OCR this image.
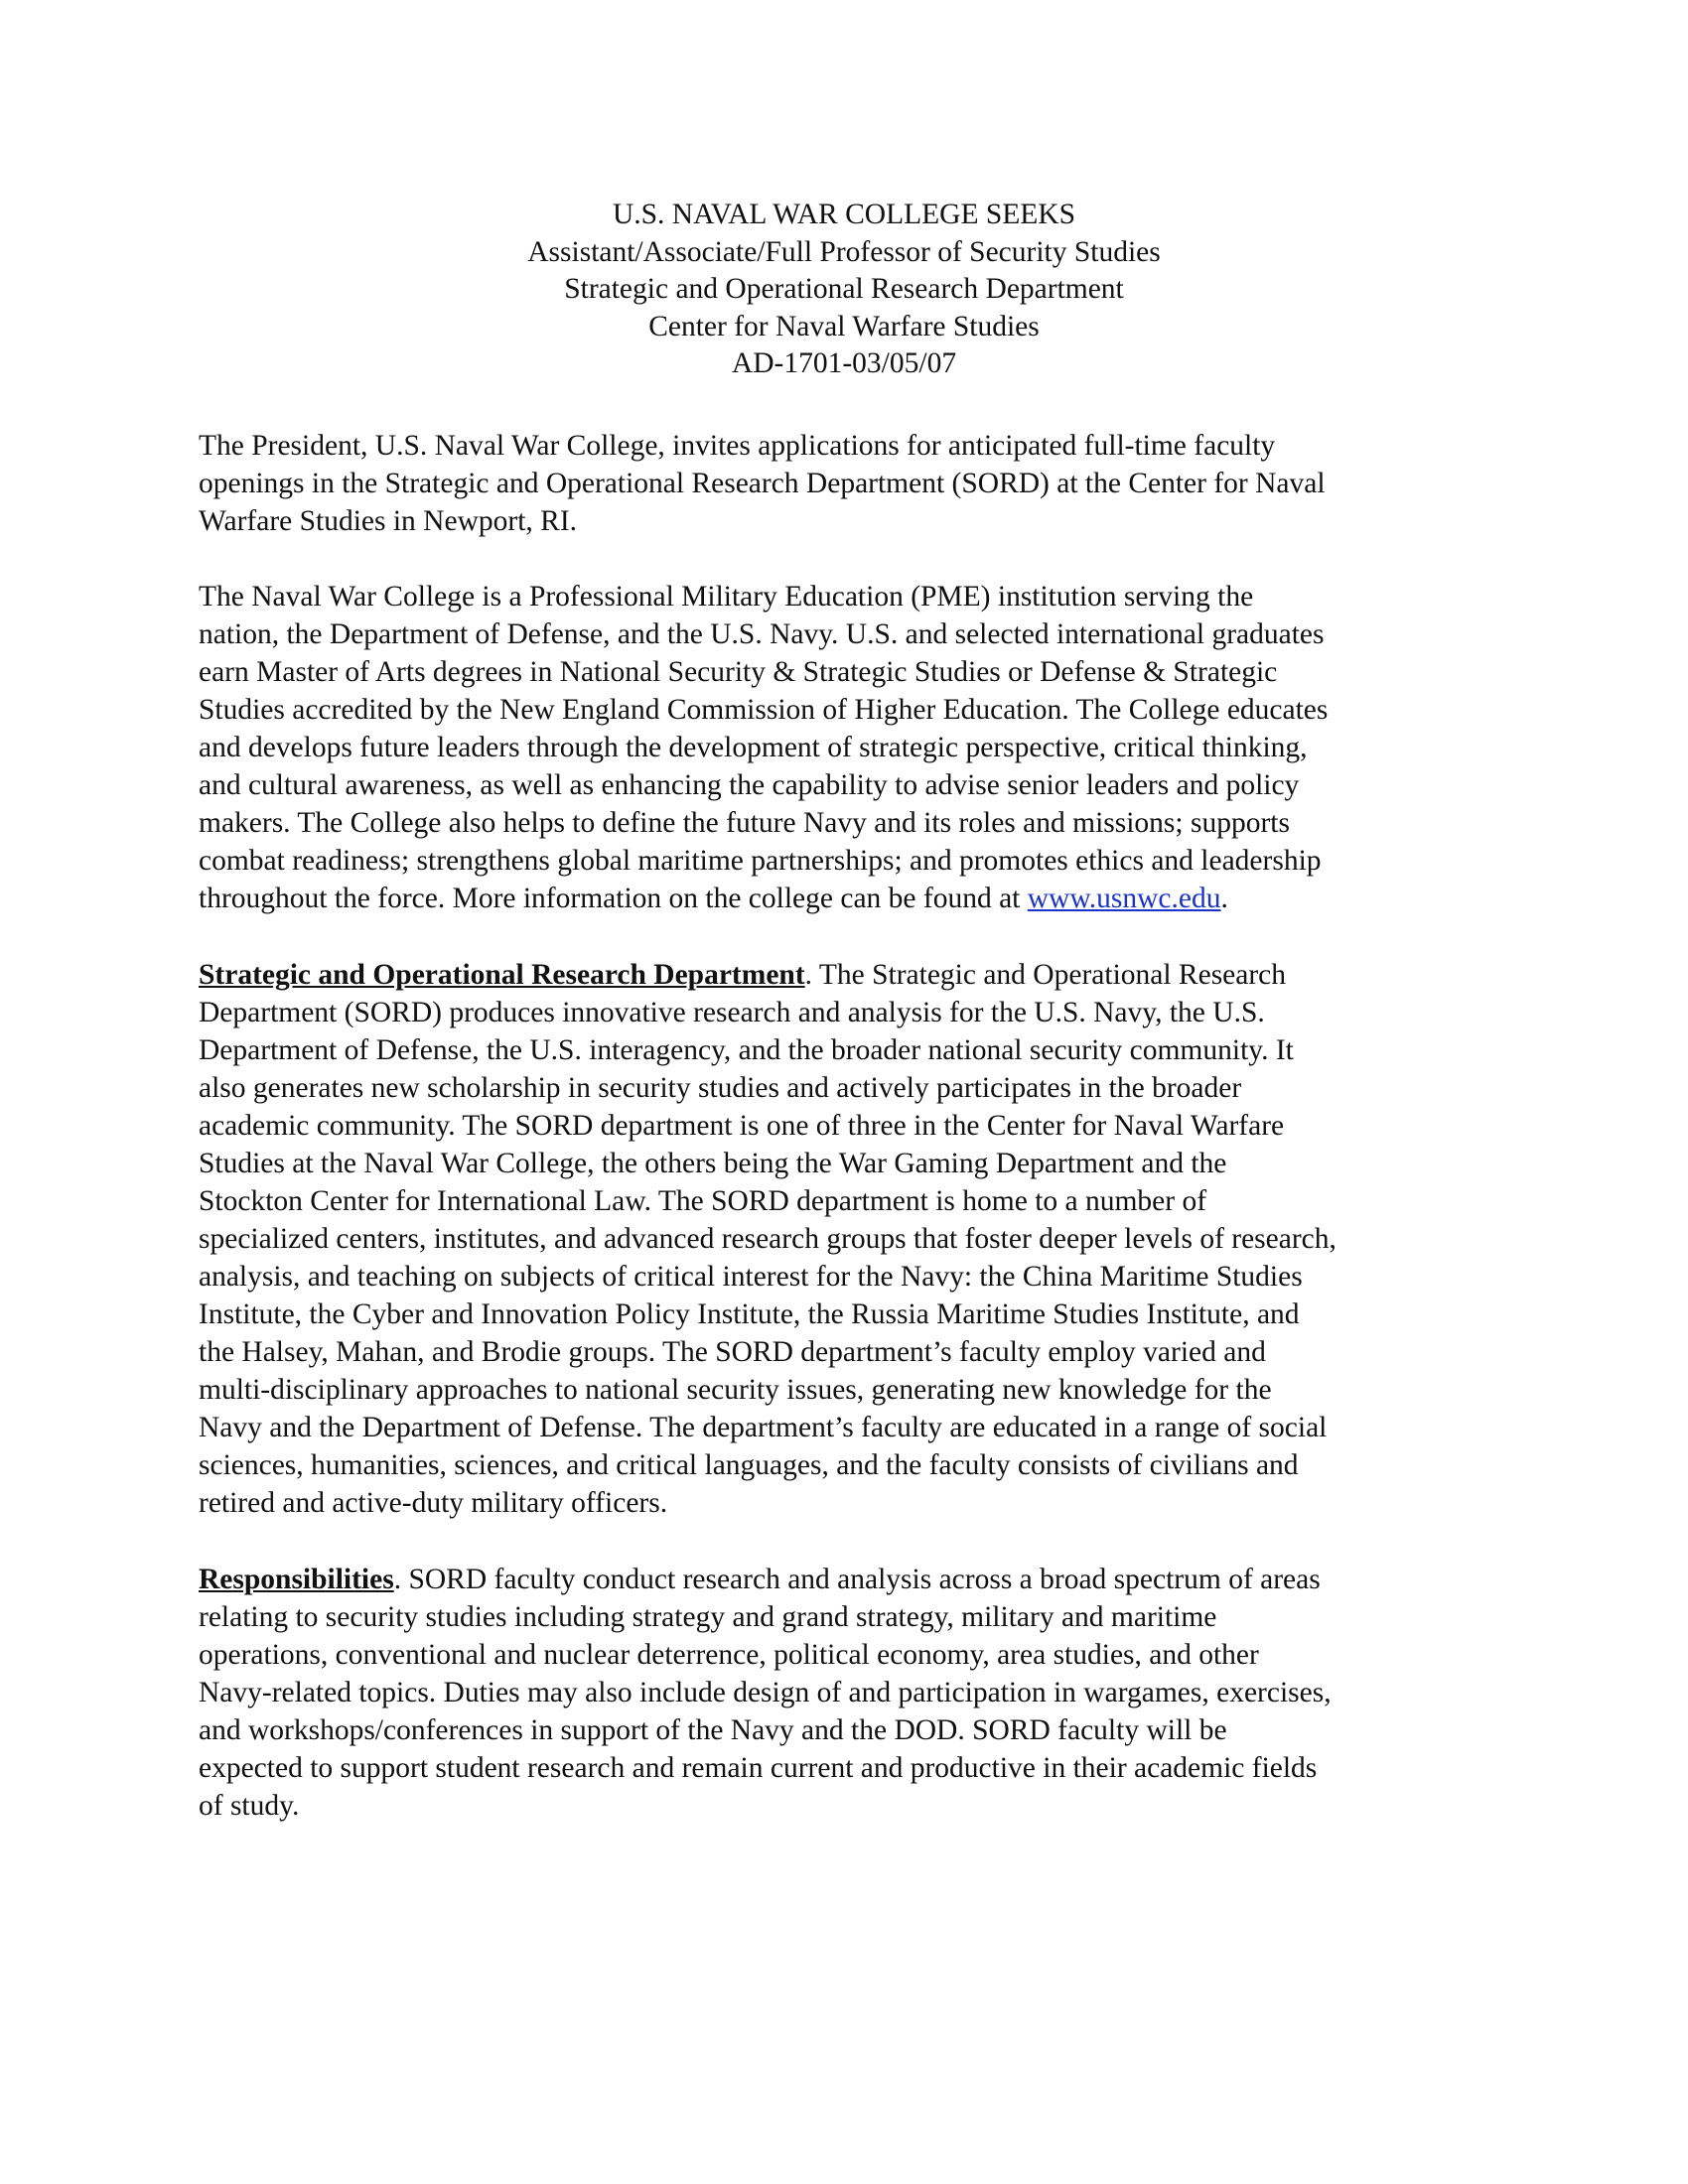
U.S. NAVAL WAR COLLEGE SEEKS
Assistant/Associate/Full Professor of Security Studies
Strategic and Operational Research Department
Center for Naval Warfare Studies
AD-1701-03/05/07
The President, U.S. Naval War College, invites applications for anticipated full-time faculty
openings in the Strategic and Operational Research Department (SORD) at the Center for Naval
Warfare Studies in Newport, RI.
The Naval War College is a Professional Military Education (PME) institution serving the
nation, the Department of Defense, and the U.S. Navy. U.S. and selected international graduates
earn Master of Arts degrees in National Security & Strategic Studies or Defense & Strategic
Studies accredited by the New England Commission of Higher Education. The College educates
and develops future leaders through the development of strategic perspective, critical thinking,
and cultural awareness, as well as enhancing the capability to advise senior leaders and policy
makers. The College also helps to define the future Navy and its roles and missions; supports
combat readiness; strengthens global maritime partnerships; and promotes ethics and leadership
throughout the force. More information on the college can be found at www.usnwc.edu.
Strategic and Operational Research Department. The Strategic and Operational Research
Department (SORD) produces innovative research and analysis for the U.S. Navy, the U.S.
Department of Defense, the U.S. interagency, and the broader national security community. It
also generates new scholarship in security studies and actively participates in the broader
academic community. The SORD department is one of three in the Center for Naval Warfare
Studies at the Naval War College, the others being the War Gaming Department and the
Stockton Center for International Law. The SORD department is home to a number of
specialized centers, institutes, and advanced research groups that foster deeper levels of research,
analysis, and teaching on subjects of critical interest for the Navy: the China Maritime Studies
Institute, the Cyber and Innovation Policy Institute, the Russia Maritime Studies Institute, and
the Halsey, Mahan, and Brodie groups. The SORD department’s faculty employ varied and
multi-disciplinary approaches to national security issues, generating new knowledge for the
Navy and the Department of Defense. The department’s faculty are educated in a range of social
sciences, humanities, sciences, and critical languages, and the faculty consists of civilians and
retired and active-duty military officers.
Responsibilities. SORD faculty conduct research and analysis across a broad spectrum of areas
relating to security studies including strategy and grand strategy, military and maritime
operations, conventional and nuclear deterrence, political economy, area studies, and other
Navy-related topics. Duties may also include design of and participation in wargames, exercises,
and workshops/conferences in support of the Navy and the DOD. SORD faculty will be
expected to support student research and remain current and productive in their academic fields
of study.
